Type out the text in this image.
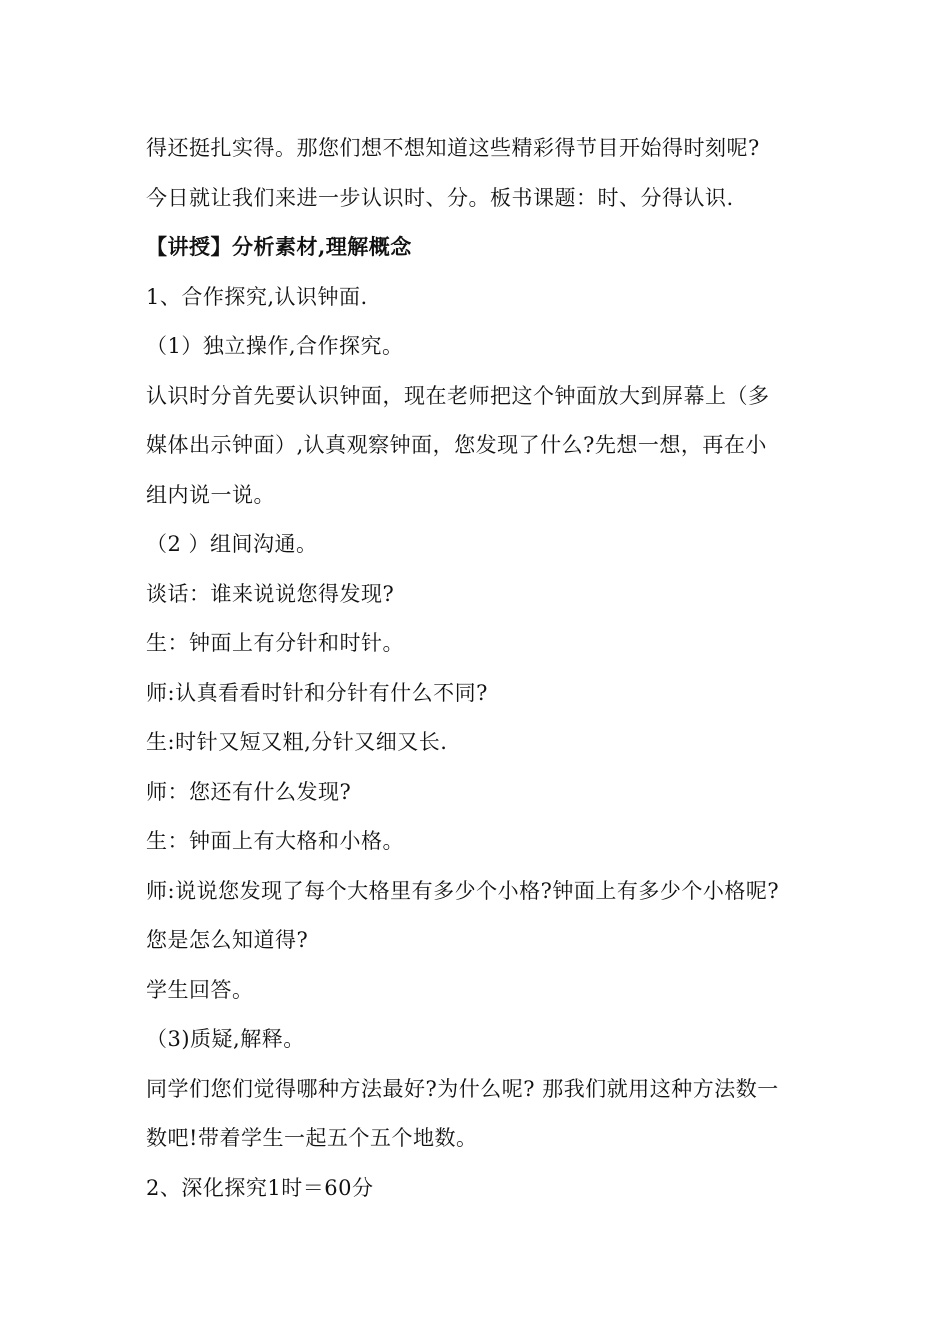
得还挺扎实得。那您们想不想知道这些精彩得节目开始得时刻呢?
今日就让我们来进一步认识时、分。板书课题：时、分得认识.
【讲授】分析素材,理解概念
1、合作探究,认识钟面.
（1）独立操作,合作探究。
认识时分首先要认识钟面，现在老师把这个钟面放大到屏幕上（多
媒体出示钟面）,认真观察钟面，您发现了什么?先想一想，再在小
组内说一说。
（2 ）组间沟通。
谈话：谁来说说您得发现?
生：钟面上有分针和时针。
师:认真看看时针和分针有什么不同?
生:时针又短又粗,分针又细又长.
师：您还有什么发现?
生：钟面上有大格和小格。
师:说说您发现了每个大格里有多少个小格?钟面上有多少个小格呢?
您是怎么知道得?
学生回答。
（3)质疑,解释。
同学们您们觉得哪种方法最好?为什么呢? 那我们就用这种方法数一
数吧!带着学生一起五个五个地数。
2、深化探究1时＝60分
